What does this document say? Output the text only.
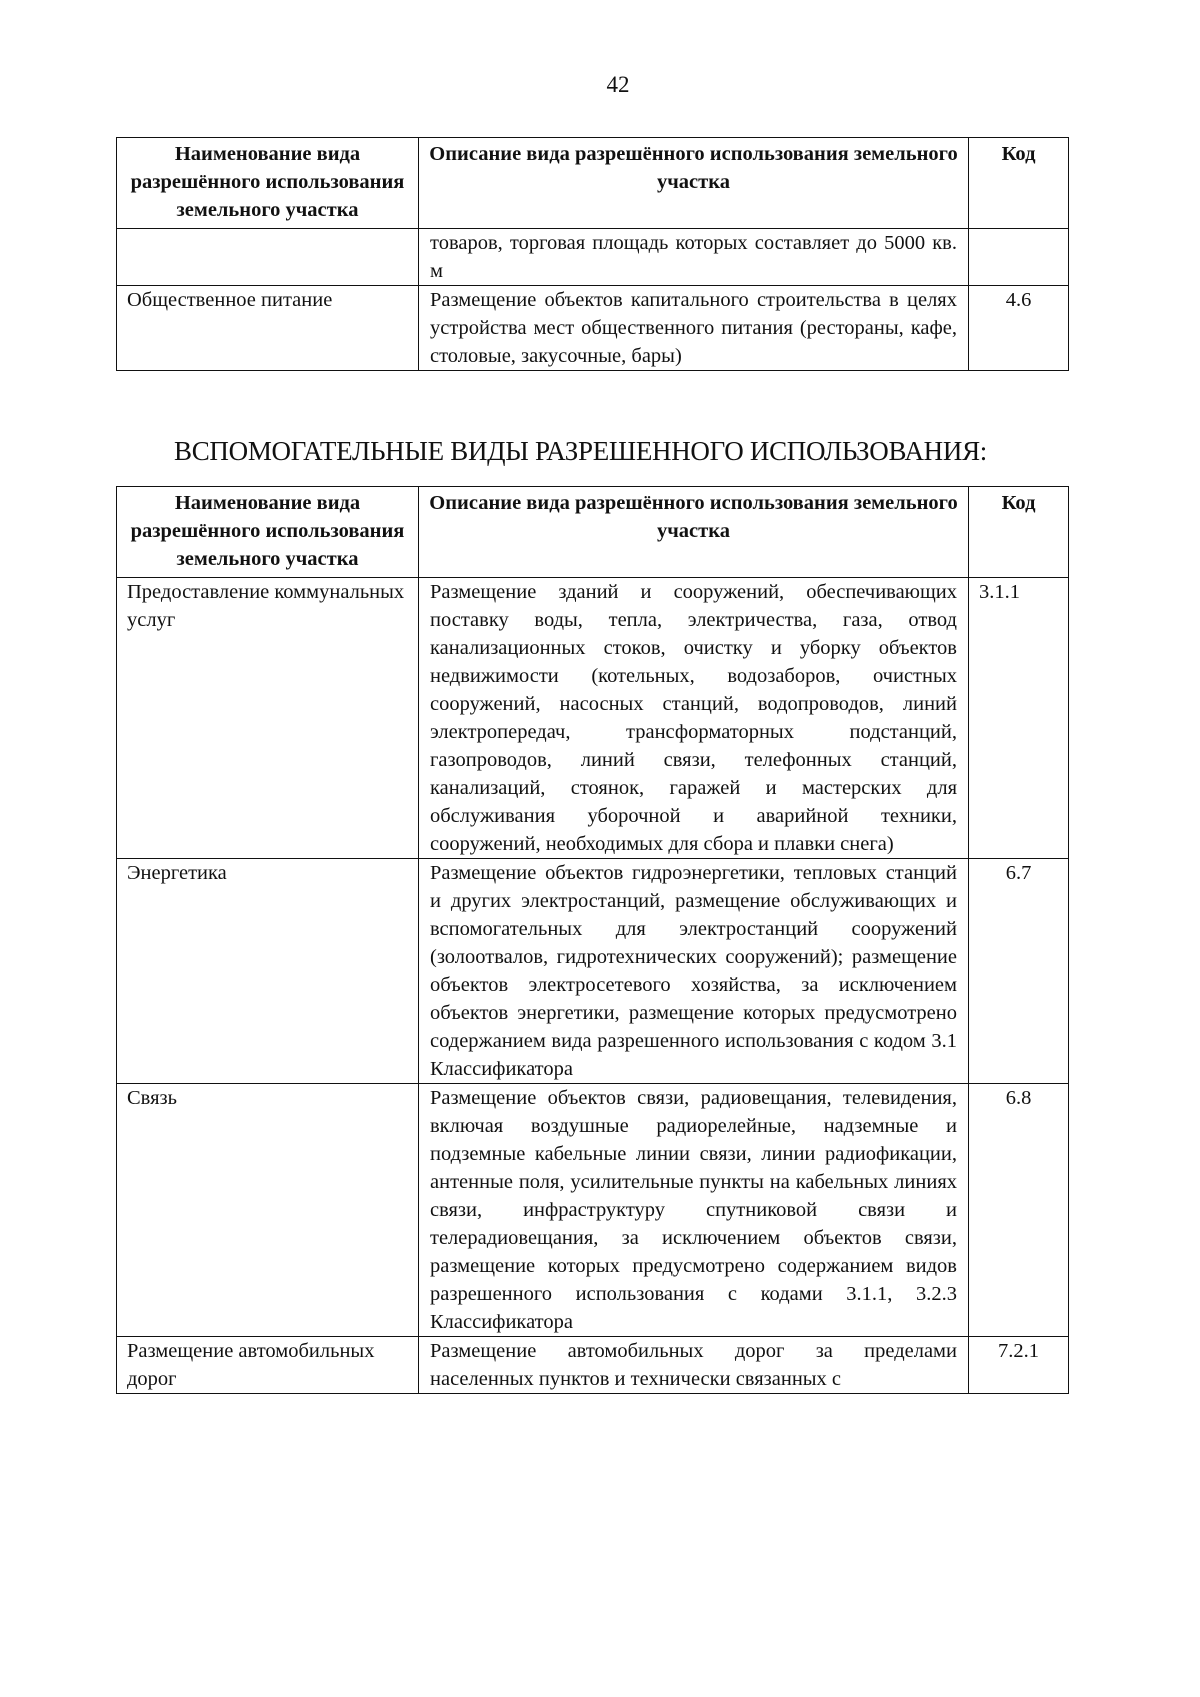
42
Наименование вида разрешённого использования земельного участка	Описание вида разрешённого использования земельного участка	Код
	товаров, торговая площадь которых составляет до 5000 кв. м	
Общественное питание	Размещение объектов капитального строительства в целях устройства мест общественного питания (рестораны, кафе, столовые, закусочные, бары)	4.6
ВСПОМОГАТЕЛЬНЫЕ ВИДЫ РАЗРЕШЕННОГО ИСПОЛЬЗОВАНИЯ:
Наименование вида разрешённого использования земельного участка	Описание вида разрешённого использования земельного участка	Код
Предоставление коммунальных услуг	Размещение зданий и сооружений, обеспечивающих поставку воды, тепла, электричества, газа, отвод канализационных стоков, очистку и уборку объектов недвижимости (котельных, водозаборов, очистных сооружений, насосных станций, водопроводов, линий электропередач, трансформаторных подстанций, газопроводов, линий связи, телефонных станций, канализаций, стоянок, гаражей и мастерских для обслуживания уборочной и аварийной техники, сооружений, необходимых для сбора и плавки снега)	3.1.1
Энергетика	Размещение объектов гидроэнергетики, тепловых станций и других электростанций, размещение обслуживающих и вспомогательных для электростанций сооружений (золоотвалов, гидротехнических сооружений); размещение объектов электросетевого хозяйства, за исключением объектов энергетики, размещение которых предусмотрено содержанием вида разрешенного использования с кодом 3.1 Классификатора	6.7
Связь	Размещение объектов связи, радиовещания, телевидения, включая воздушные радиорелейные, надземные и подземные кабельные линии связи, линии радиофикации, антенные поля, усилительные пункты на кабельных линиях связи, инфраструктуру спутниковой связи и телерадиовещания, за исключением объектов связи, размещение которых предусмотрено содержанием видов разрешенного использования с кодами 3.1.1, 3.2.3 Классификатора	6.8
Размещение автомобильных дорог	Размещение автомобильных дорог за пределами населенных пунктов и технически связанных с	7.2.1
